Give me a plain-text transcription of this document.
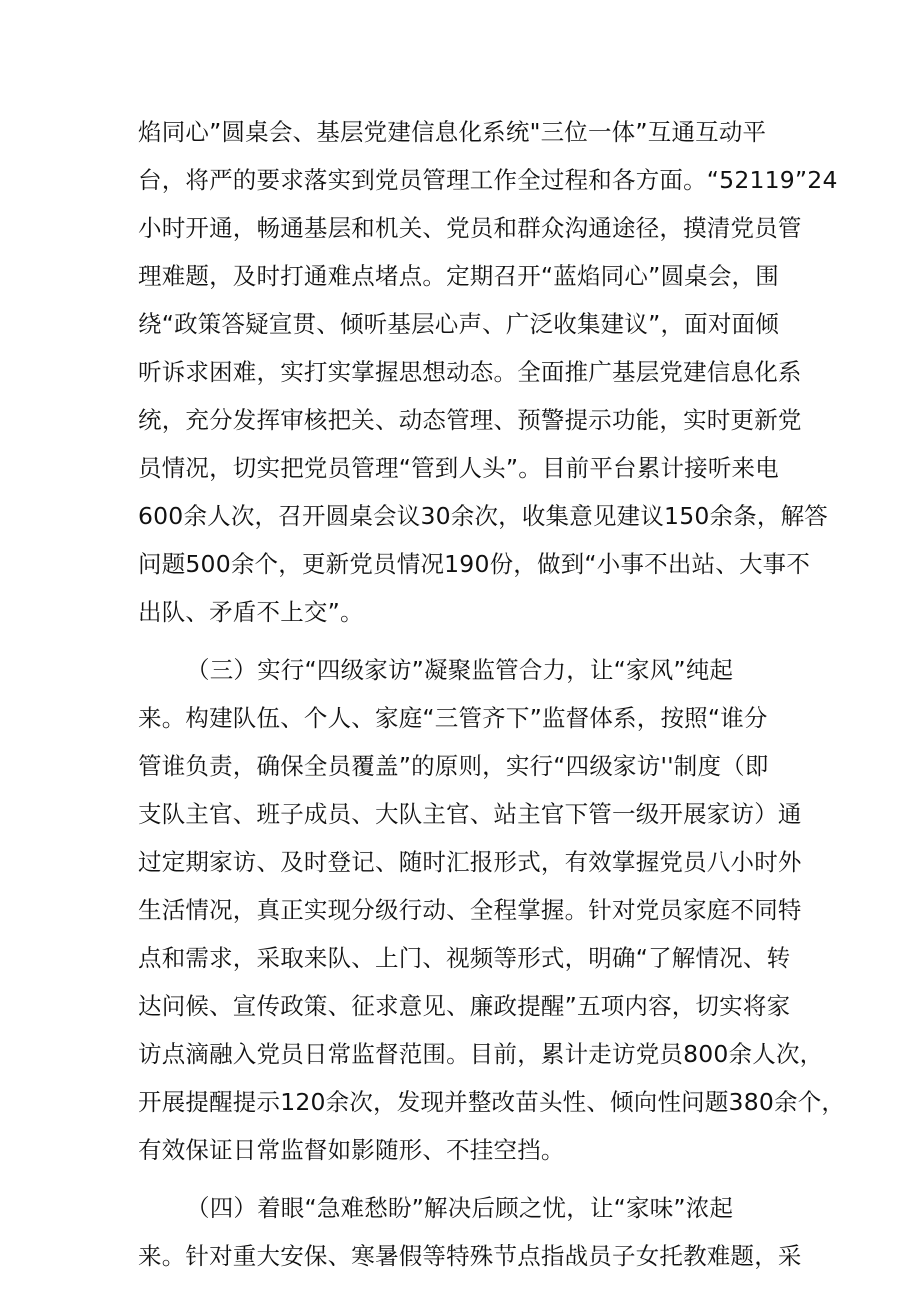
焰同心”圆桌会、基层党建信息化系统"三位一体”互通互动平
台，将严的要求落实到党员管理工作全过程和各方面。“52119”24
小时开通，畅通基层和机关、党员和群众沟通途径，摸清党员管
理难题，及时打通难点堵点。定期召开“蓝焰同心”圆桌会，围
绕“政策答疑宣贯、倾听基层心声、广泛收集建议”，面对面倾
听诉求困难，实打实掌握思想动态。全面推广基层党建信息化系
统，充分发挥审核把关、动态管理、预警提示功能，实时更新党
员情况，切实把党员管理“管到人头”。目前平台累计接听来电
600余人次，召开圆桌会议30余次，收集意见建议150余条，解答
问题500余个，更新党员情况190份，做到“小事不出站、大事不
出队、矛盾不上交”。
（三）实行“四级家访”凝聚监管合力，让“家风”纯起
来。构建队伍、个人、家庭“三管齐下”监督体系，按照“谁分
管谁负责，确保全员覆盖”的原则，实行“四级家访''制度（即
支队主官、班子成员、大队主官、站主官下管一级开展家访）通
过定期家访、及时登记、随时汇报形式，有效掌握党员八小时外
生活情况，真正实现分级行动、全程掌握。针对党员家庭不同特
点和需求，采取来队、上门、视频等形式，明确“了解情况、转
达问候、宣传政策、征求意见、廉政提醒”五项内容，切实将家
访点滴融入党员日常监督范围。目前，累计走访党员800余人次，
开展提醒提示120余次，发现并整改苗头性、倾向性问题380余个，
有效保证日常监督如影随形、不挂空挡。
（四）着眼“急难愁盼”解决后顾之忧，让“家味”浓起
来。针对重大安保、寒暑假等特殊节点指战员子女托教难题，采
